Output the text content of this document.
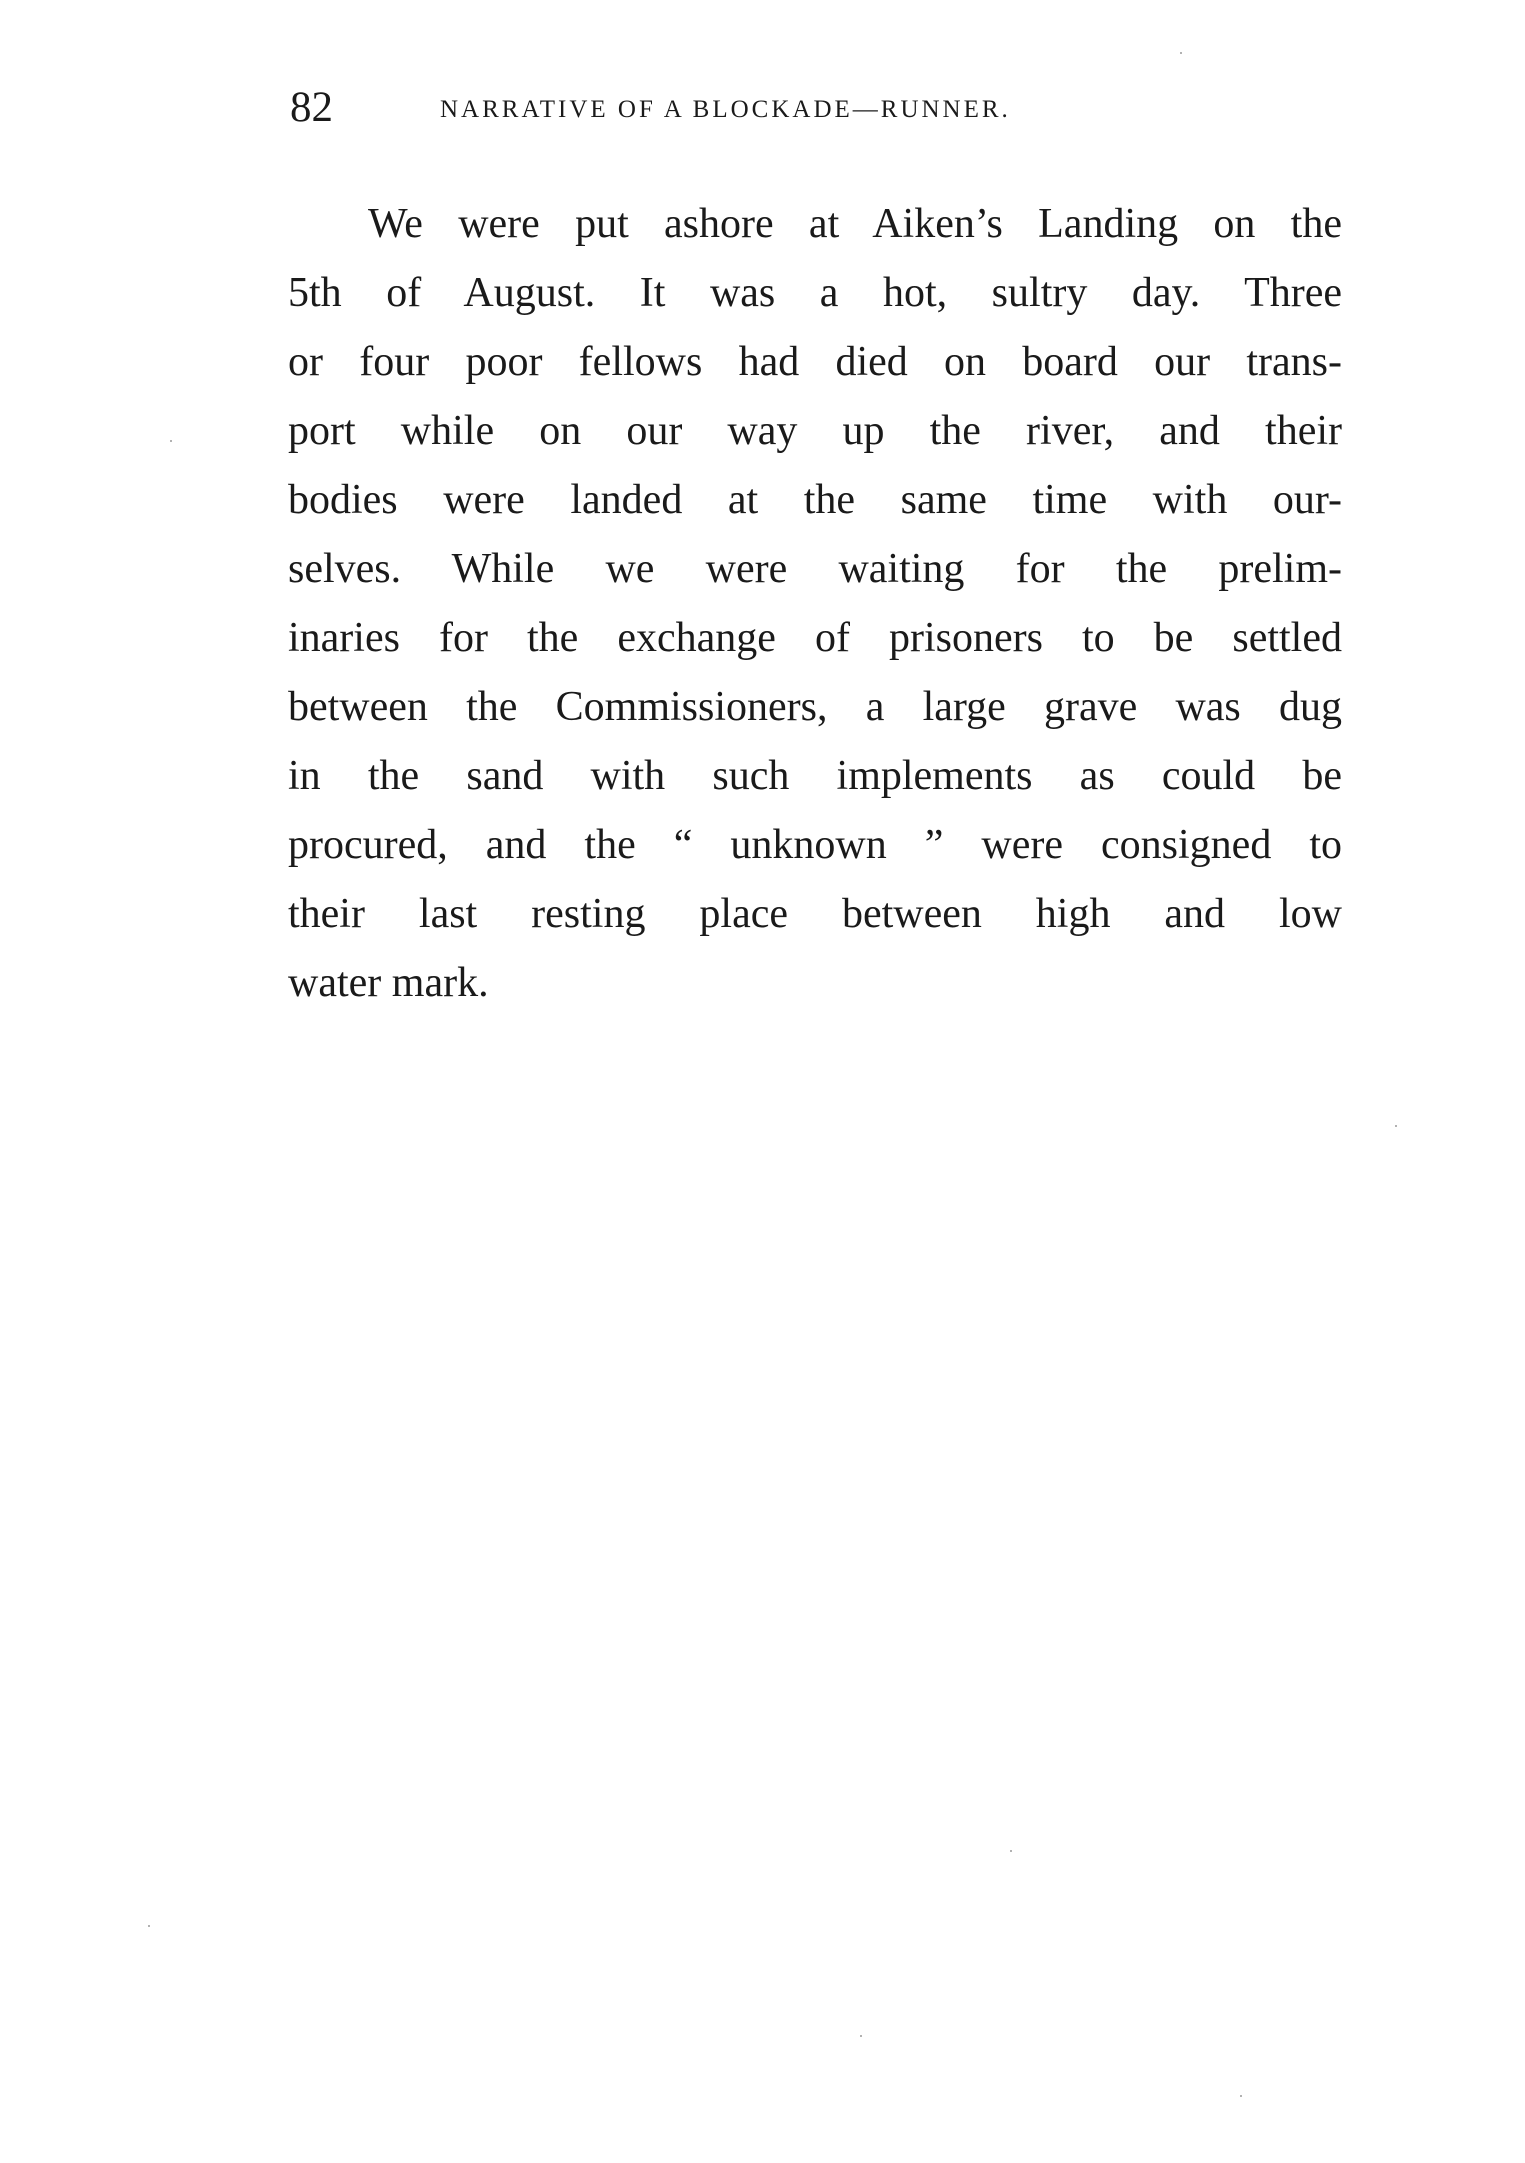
82	NARRATIVE OF A BLOCKADE—RUNNER.
We were put ashore at Aiken’s Landing on the
5th of August. It was a hot, sultry day. Three
or four poor fellows had died on board our trans-
port while on our way up the river, and their
bodies were landed at the same time with our-
selves. While we were waiting for the prelim-
inaries for the exchange of prisoners to be settled
between the Commissioners, a large grave was dug
in the sand with such implements as could be
procured, and the “ unknown ” were consigned to
their last resting place between high and low
water mark.
